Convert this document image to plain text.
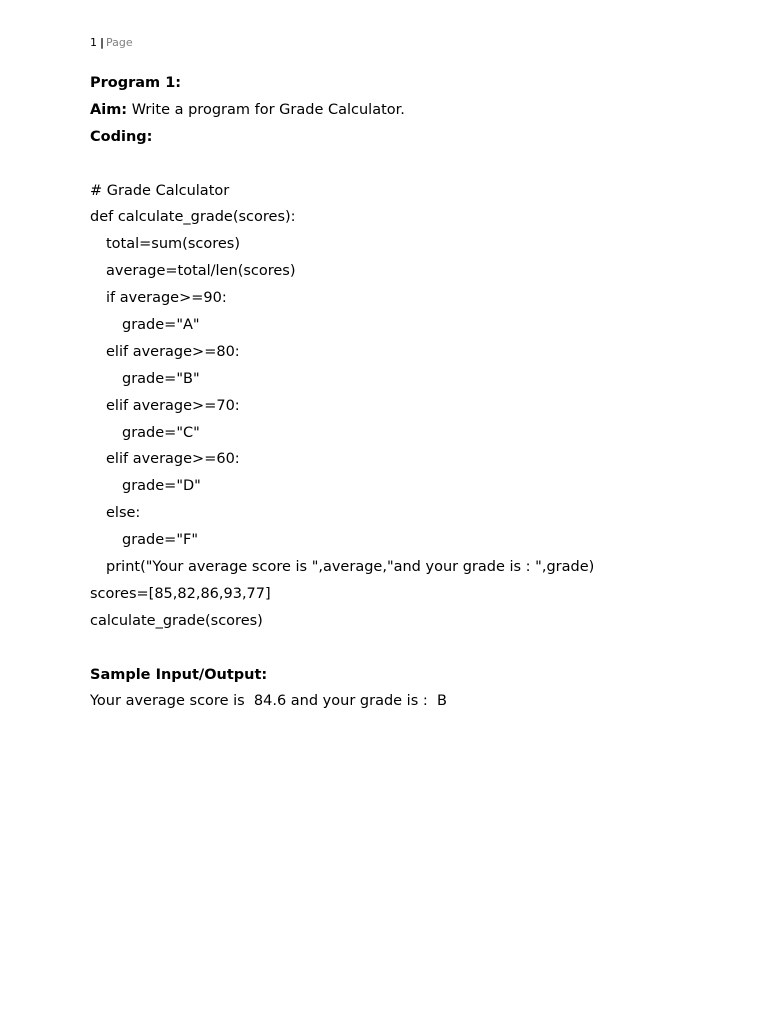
1 | Page
Program 1:
Aim: Write a program for Grade Calculator.
Coding:
# Grade Calculator
def calculate_grade(scores):
total=sum(scores)
average=total/len(scores)
if average>=90:
grade="A"
elif average>=80:
grade="B"
elif average>=70:
grade="C"
elif average>=60:
grade="D"
else:
grade="F"
print("Your average score is ",average,"and your grade is : ",grade)
scores=[85,82,86,93,77]
calculate_grade(scores)
Sample Input/Output:
Your average score is  84.6 and your grade is :  B
